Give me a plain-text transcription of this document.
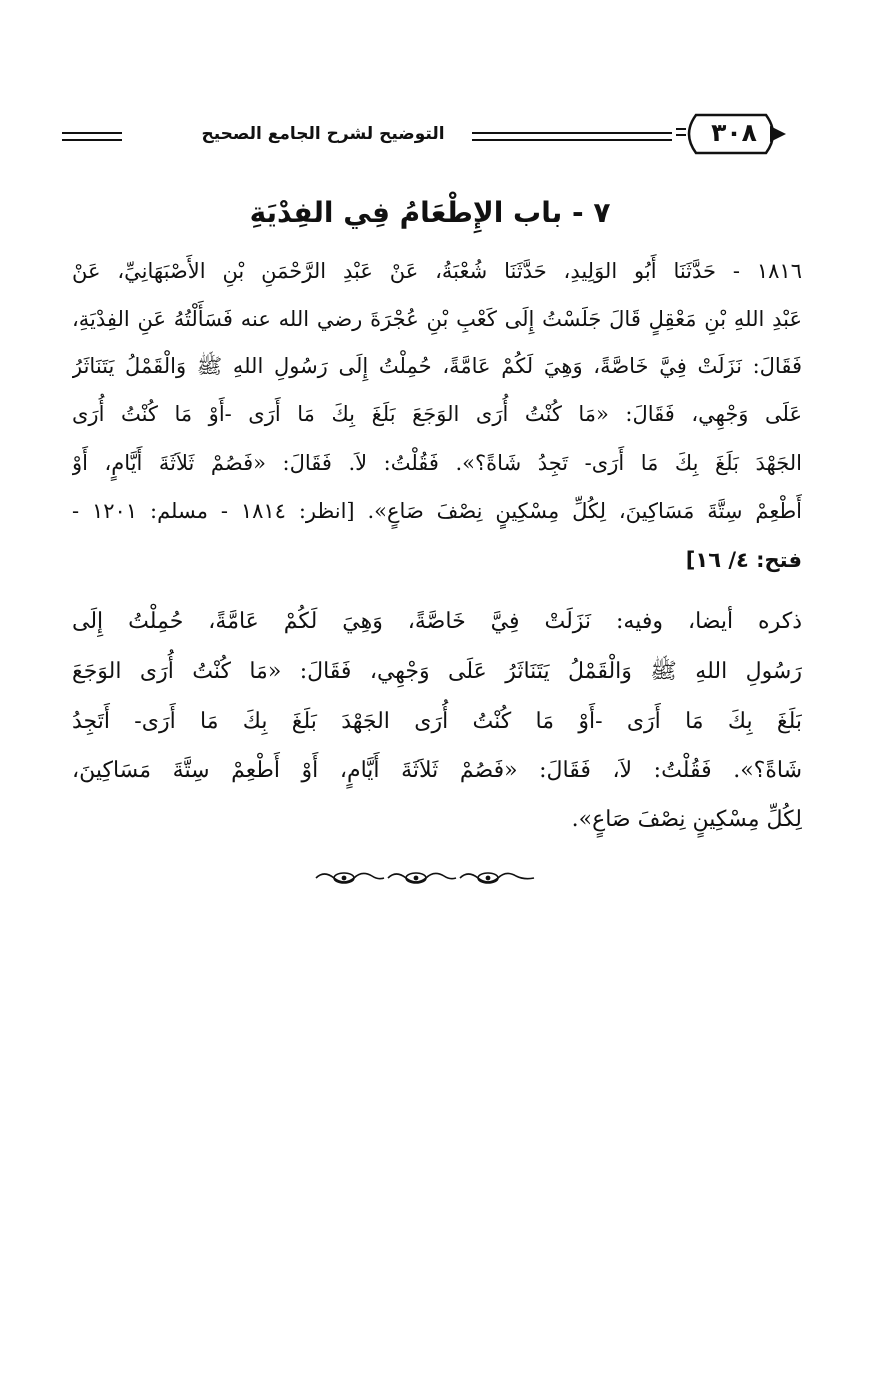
التوضيح لشرح الجامع الصحيح	٣٠٨
٧ - باب الإِطْعَامُ فِي الفِدْيَةِ
١٨١٦ - حَدَّثَنَا أَبُو الوَلِيدِ، حَدَّثَنَا شُعْبَةُ، عَنْ عَبْدِ الرَّحْمَنِ بْنِ الأَصْبَهَانِيِّ، عَنْ
عَبْدِ اللهِ بْنِ مَعْقِلٍ قَالَ جَلَسْتُ إِلَى كَعْبِ بْنِ عُجْرَةَ رضي الله عنه فَسَأَلْتُهُ عَنِ الفِدْيَةِ،
فَقَالَ: نَزَلَتْ فِيَّ خَاصَّةً، وَهِيَ لَكُمْ عَامَّةً، حُمِلْتُ إِلَى رَسُولِ اللهِ ﷺ وَالْقَمْلُ يَتَنَاثَرُ
عَلَى وَجْهِي، فَقَالَ: «مَا كُنْتُ أُرَى الوَجَعَ بَلَغَ بِكَ مَا أَرَى -أَوْ مَا كُنْتُ أُرَى
الجَهْدَ بَلَغَ بِكَ مَا أَرَى- تَجِدُ شَاةً؟». فَقُلْتُ: لاَ. فَقَالَ: «فَصُمْ ثَلاَثَةَ أَيَّامٍ، أَوْ
أَطْعِمْ سِتَّةَ مَسَاكِينَ، لِكُلِّ مِسْكِينٍ نِصْفَ صَاعٍ». [انظر: ١٨١٤ - مسلم: ١٢٠١ -
فتح: ٤/ ١٦]
ذكره أيضا، وفيه: نَزَلَتْ فِيَّ خَاصَّةً، وَهِيَ لَكُمْ عَامَّةً، حُمِلْتُ إِلَى
رَسُولِ اللهِ ﷺ وَالْقَمْلُ يَتَنَاثَرُ عَلَى وَجْهِي، فَقَالَ: «مَا كُنْتُ أُرَى الوَجَعَ
بَلَغَ بِكَ مَا أَرَى -أَوْ مَا كُنْتُ أُرَى الجَهْدَ بَلَغَ بِكَ مَا أَرَى- أَتَجِدُ
شَاةً؟». فَقُلْتُ: لاَ، فَقَالَ: «فَصُمْ ثَلاَثَةَ أَيَّامٍ، أَوْ أَطْعِمْ سِتَّةَ مَسَاكِينَ،
لِكُلِّ مِسْكِينٍ نِصْفَ صَاعٍ».
